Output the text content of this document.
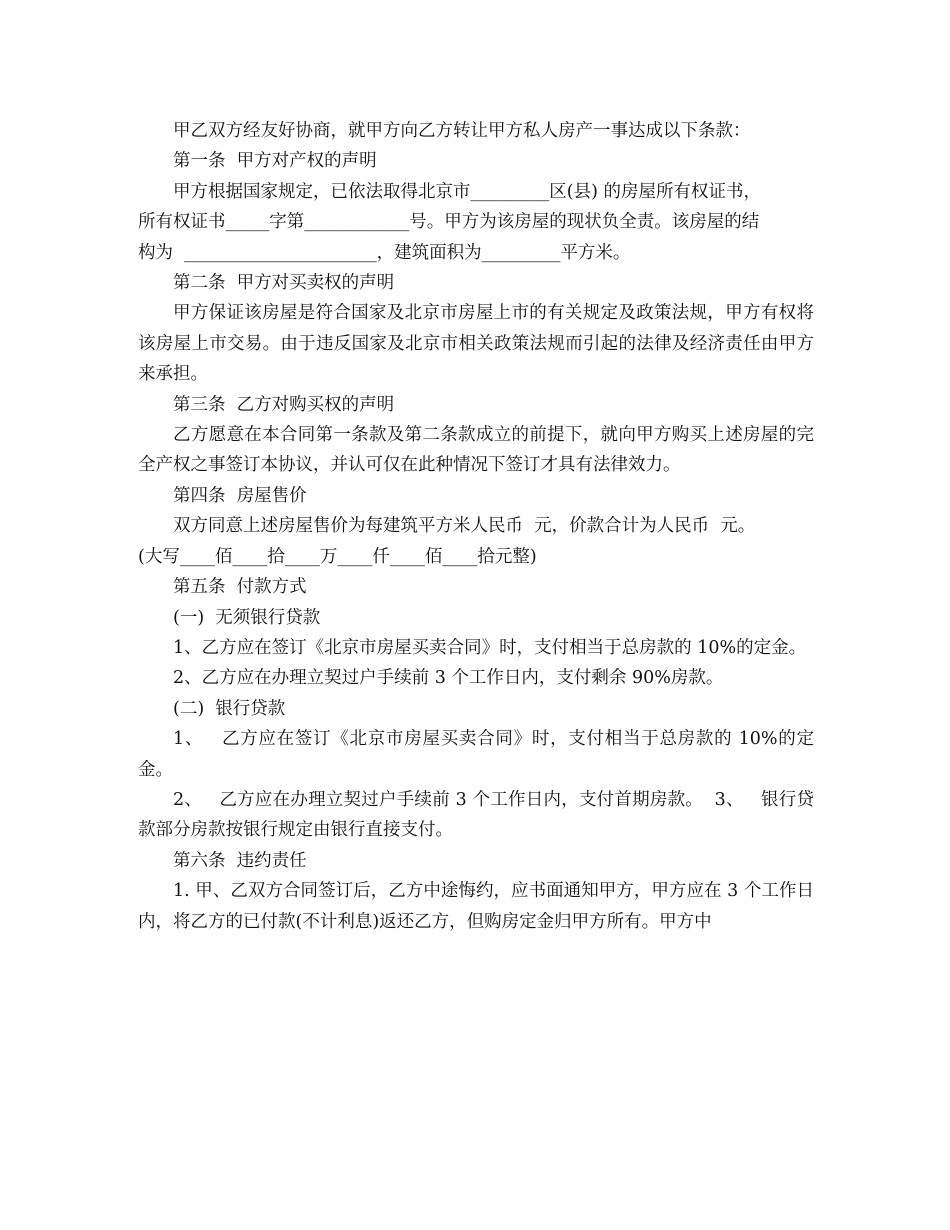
甲乙双方经友好协商，就甲方向乙方转让甲方私人房产一事达成以下条款：

第一条  甲方对产权的声明

甲方根据国家规定，已依法取得北京市_________区(县) 的房屋所有权证书，

所有权证书_____字第____________号。甲方为该房屋的现状负全责。该房屋的结

构为  ______________________，建筑面积为_________平方米。

第二条  甲方对买卖权的声明

甲方保证该房屋是符合国家及北京市房屋上市的有关规定及政策法规，甲方有权将该房屋上市交易。由于违反国家及北京市相关政策法规而引起的法律及经济责任由甲方来承担。

第三条  乙方对购买权的声明

乙方愿意在本合同第一条款及第二条款成立的前提下，就向甲方购买上述房屋的完全产权之事签订本协议，并认可仅在此种情况下签订才具有法律效力。

第四条  房屋售价

双方同意上述房屋售价为每建筑平方米人民币  元，价款合计为人民币  元。

(大写____佰____拾____万____仟____佰____拾元整)

第五条  付款方式

(一)  无须银行贷款

1、乙方应在签订《北京市房屋买卖合同》时，支付相当于总房款的 10%的定金。

2、乙方应在办理立契过户手续前 3 个工作日内，支付剩余 90%房款。

(二)  银行贷款

1、   乙方应在签订《北京市房屋买卖合同》时，支付相当于总房款的 10%的定金。

2、   乙方应在办理立契过户手续前 3 个工作日内，支付首期房款。  3、   银行贷款部分房款按银行规定由银行直接支付。

第六条  违约责任

1. 甲、乙双方合同签订后，乙方中途悔约，应书面通知甲方，甲方应在 3 个工作日内，将乙方的已付款(不计利息)返还乙方，但购房定金归甲方所有。甲方中
